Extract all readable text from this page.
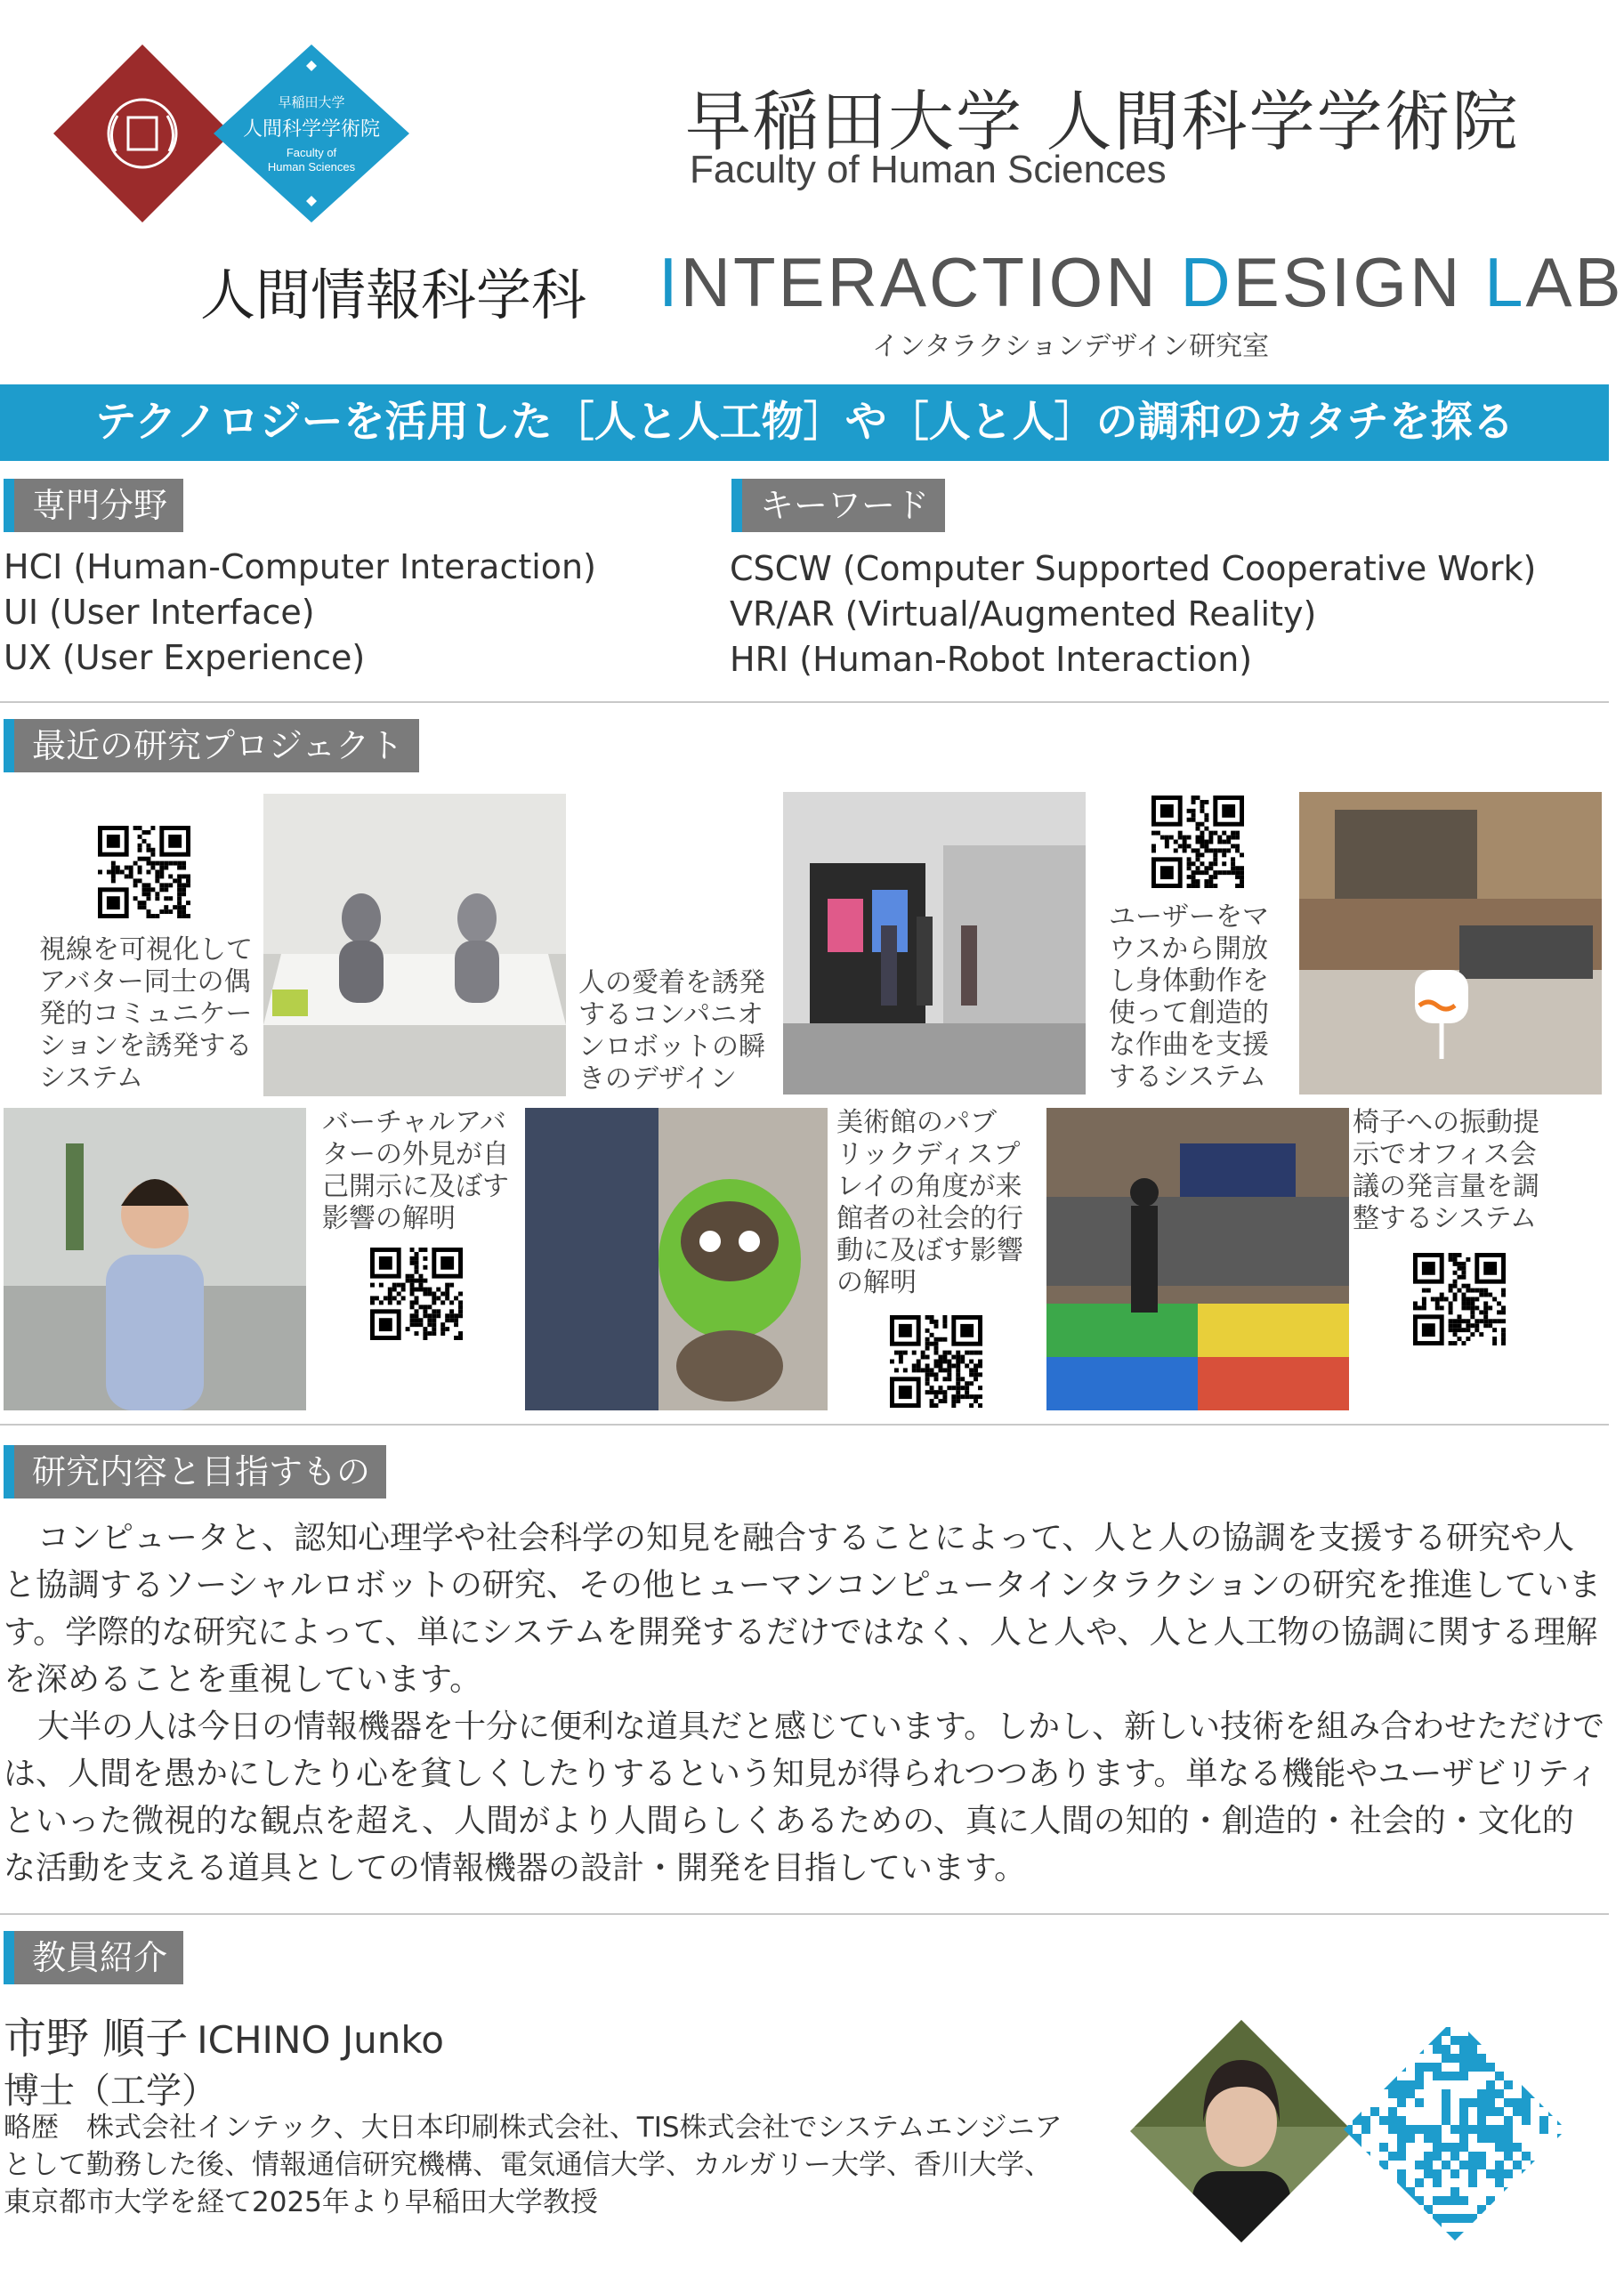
早稲田大学
人間科学学術院
Faculty of
Human Sciences
早稲田大学 人間科学学術院
Faculty of Human Sciences
人間情報科学科 INTERACTION DESIGN LAB
インタラクションデザイン研究室
テクノロジーを活用した［人と人工物］や［人と人］の調和のカタチを探る
専門分野	キーワード
HCI (Human-Computer Interaction)
UI (User Interface)
UX (User Experience)
CSCW (Computer Supported Cooperative Work)
VR/AR (Virtual/Augmented Reality)
HRI (Human-Robot Interaction)
最近の研究プロジェクト
視線を可視化して
アバター同士の偶
発的コミュニケー
ションを誘発する
システム
人の愛着を誘発
するコンパニオ
ンロボットの瞬
きのデザイン
ユーザーをマ
ウスから開放
し身体動作を
使って創造的
な作曲を支援
するシステム
バーチャルアバ
ターの外見が自
己開示に及ぼす
影響の解明
美術館のパブ
リックディスプ
レイの角度が来
館者の社会的行
動に及ぼす影響
の解明
椅子への振動提
示でオフィス会
議の発言量を調
整するシステム
研究内容と目指すもの

コンピュータと、認知心理学や社会科学の知見を融合することによって、人と人の協調を支援する研究や人と協調するソーシャルロボットの研究、その他ヒューマンコンピュータインタラクションの研究を推進しています。学際的な研究によって、単にシステムを開発するだけではなく、人と人や、人と人工物の協調に関する理解を深めることを重視しています。

大半の人は今日の情報機器を十分に便利な道具だと感じています。しかし、新しい技術を組み合わせただけでは、人間を愚かにしたり心を貧しくしたりするという知見が得られつつあります。単なる機能やユーザビリティといった微視的な観点を超え、人間がより人間らしくあるための、真に人間の知的・創造的・社会的・文化的な活動を支える道具としての情報機器の設計・開発を目指しています。

教員紹介
市野 順子 ICHINO Junko
博士（工学）
略歴　株式会社インテック、大日本印刷株式会社、TIS株式会社でシステムエンジニア
として勤務した後、情報通信研究機構、電気通信大学、カルガリー大学、香川大学、
東京都市大学を経て2025年より早稲田大学教授
